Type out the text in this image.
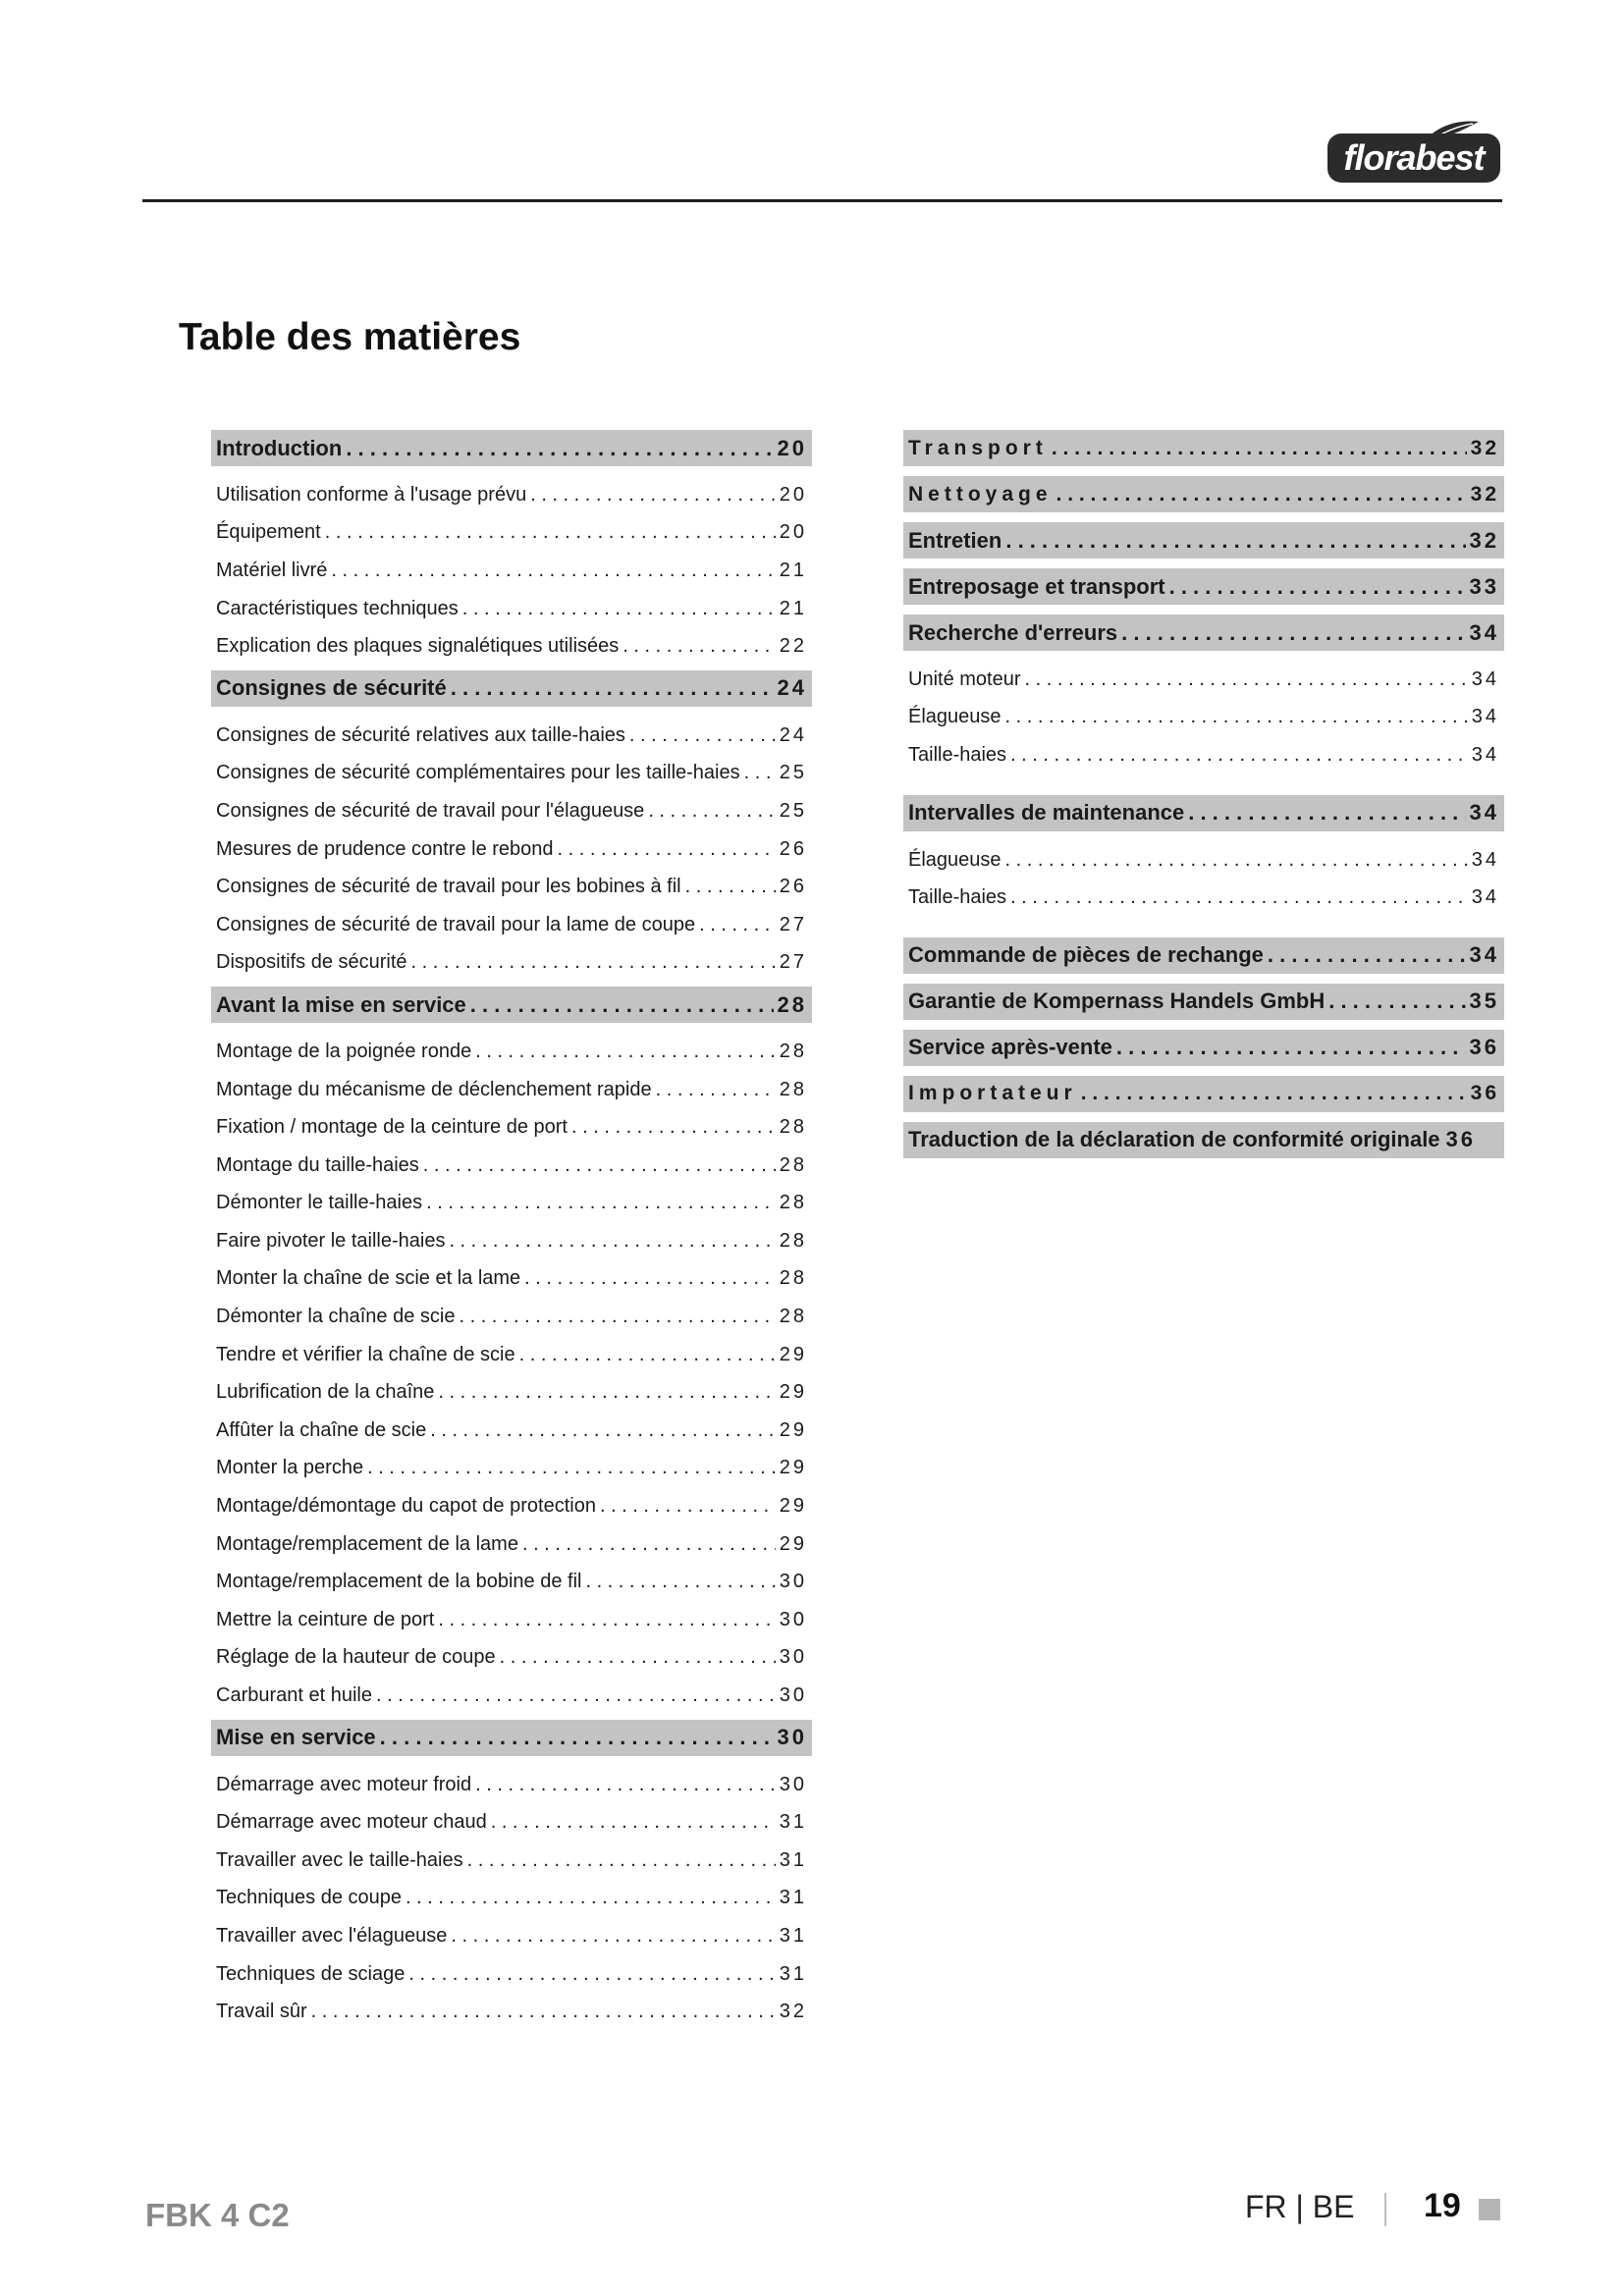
florabest
Table des matières
Introduction . . .	20
Utilisation conforme à l'usage prévu . . .	20
Équipement . . .	20
Matériel livré . . .	21
Caractéristiques techniques . . .	21
Explication des plaques signalétiques utilisées . . .	22
Consignes de sécurité . . .	24
Consignes de sécurité relatives aux taille-haies . . .	24
Consignes de sécurité complémentaires pour les taille-haies . . . 25
Consignes de sécurité de travail pour l'élagueuse . . .	25
Mesures de prudence contre le rebond . . .	26
Consignes de sécurité de travail pour les bobines à fil . . .	26
Consignes de sécurité de travail pour la lame de coupe . . .	27
Dispositifs de sécurité . . .	27
Avant la mise en service . . .	28
Montage de la poignée ronde . . .	28
Montage du mécanisme de déclenchement rapide . . .	28
Fixation / montage de la ceinture de port . . .	28
Montage du taille-haies . . .	28
Démonter le taille-haies . . .	28
Faire pivoter le taille-haies . . .	28
Monter la chaîne de scie et la lame . . .	28
Démonter la chaîne de scie . . .	28
Tendre et vérifier la chaîne de scie . . .	29
Lubrification de la chaîne . . .	29
Affûter la chaîne de scie . . .	29
Monter la perche . . .	29
Montage/démontage du capot de protection . . .	29
Montage/remplacement de la lame . . .	29
Montage/remplacement de la bobine de fil . . .	30
Mettre la ceinture de port . . .	30
Réglage de la hauteur de coupe . . .	30
Carburant et huile . . .	30
Mise en service . . .	30
Démarrage avec moteur froid . . .	30
Démarrage avec moteur chaud . . .	31
Travailler avec le taille-haies . . .	31
Techniques de coupe . . .	31
Travailler avec l'élagueuse . . .	31
Techniques de sciage . . .	31
Travail sûr . . .	32
Transport . . .	32
Nettoyage . . .	32
Entretien . . .	32
Entreposage et transport . . .	33
Recherche d'erreurs . . .	34
Unité moteur . . .	34
Élagueuse . . .	34
Taille-haies . . .	34
Intervalles de maintenance . . .	34
Élagueuse . . .	34
Taille-haies . . .	34
Commande de pièces de rechange . . .	34
Garantie de Kompernass Handels GmbH . . .	35
Service après-vente . . .	36
Importateur . . .	36
Traduction de la déclaration de conformité originale 36
FBK 4 C2	FR | BE 19
